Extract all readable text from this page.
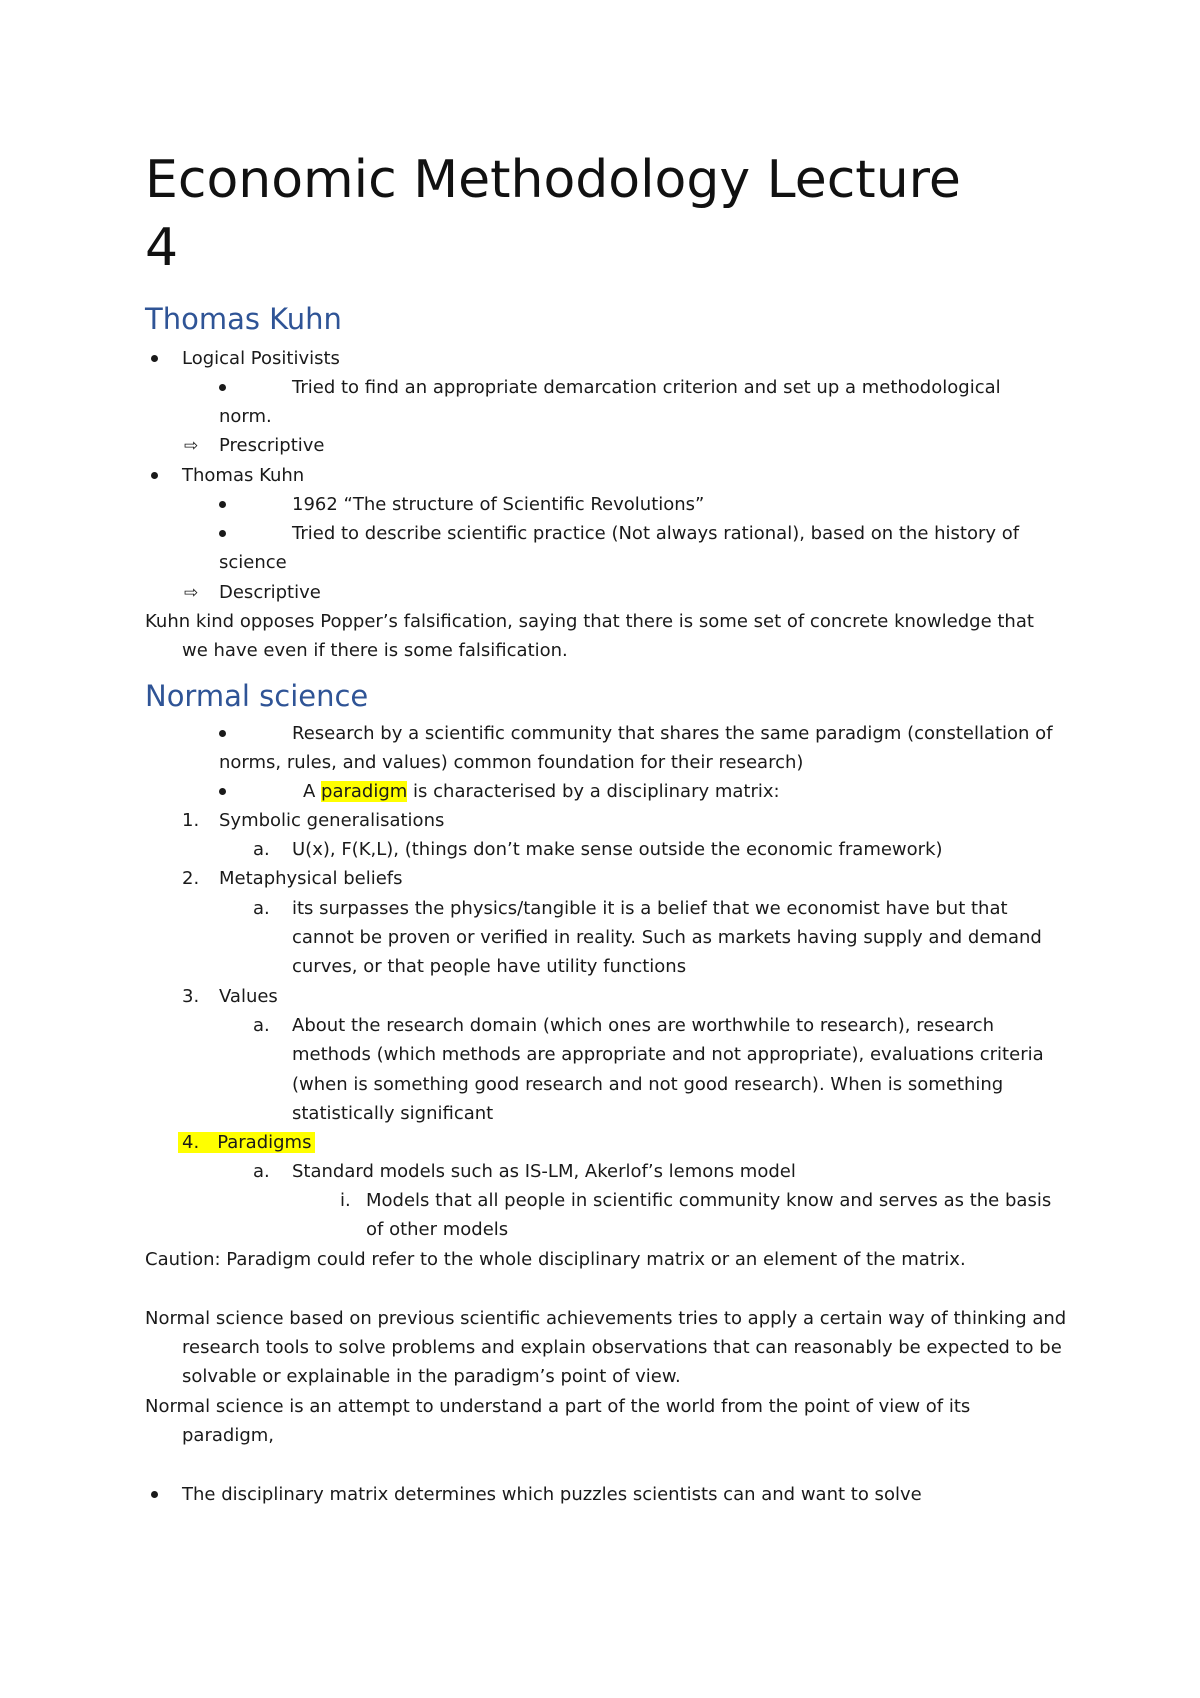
Economic Methodology Lecture
4
Thomas Kuhn
Logical Positivists
Tried to find an appropriate demarcation criterion and set up a methodological
norm.
⇨ Prescriptive
Thomas Kuhn
1962 “The structure of Scientific Revolutions”
Tried to describe scientific practice (Not always rational), based on the history of
science
⇨ Descriptive
Kuhn kind opposes Popper’s falsification, saying that there is some set of concrete knowledge that
we have even if there is some falsification.
Normal science
Research by a scientific community that shares the same paradigm (constellation of
norms, rules, and values) common foundation for their research)
A paradigm is characterised by a disciplinary matrix:
1. Symbolic generalisations
a. U(x), F(K,L), (things don’t make sense outside the economic framework)
2. Metaphysical beliefs
a. its surpasses the physics/tangible it is a belief that we economist have but that
cannot be proven or verified in reality. Such as markets having supply and demand
curves, or that people have utility functions
3. Values
a. About the research domain (which ones are worthwhile to research), research
methods (which methods are appropriate and not appropriate), evaluations criteria
(when is something good research and not good research). When is something
statistically significant
4. Paradigms
a. Standard models such as IS-LM, Akerlof’s lemons model
i. Models that all people in scientific community know and serves as the basis
of other models
Caution: Paradigm could refer to the whole disciplinary matrix or an element of the matrix.
Normal science based on previous scientific achievements tries to apply a certain way of thinking and
research tools to solve problems and explain observations that can reasonably be expected to be
solvable or explainable in the paradigm’s point of view.
Normal science is an attempt to understand a part of the world from the point of view of its
paradigm,
The disciplinary matrix determines which puzzles scientists can and want to solve
